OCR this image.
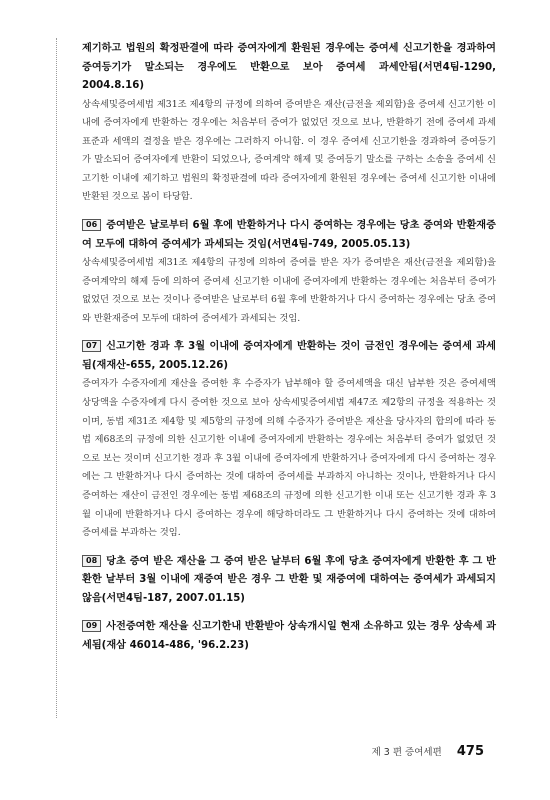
제기하고 법원의 확정판결에 따라 증여자에게 환원된 경우에는 증여세 신고기한을 경과하여 증여등기가 말소되는 경우에도 반환으로 보아 증여세 과세안됨(서면4팀-1290, 2004.8.16)
상속세및증여세법 제31조 제4항의 규정에 의하여 증여받은 재산(금전을 제외함)을 증여세 신고기한 이내에 증여자에게 반환하는 경우에는 처음부터 증여가 없었던 것으로 보나, 반환하기 전에 증여세 과세표준과 세액의 결정을 받은 경우에는 그러하지 아니함. 이 경우 증여세 신고기한을 경과하여 증여등기가 말소되어 증여자에게 반환이 되었으나, 증여계약 해제 및 증여등기 말소를 구하는 소송을 증여세 신고기한 이내에 제기하고 법원의 확정판결에 따라 증여자에게 환원된 경우에는 증여세 신고기한 이내에 반환된 것으로 봄이 타당함.
06 증여받은 날로부터 6월 후에 반환하거나 다시 증여하는 경우에는 당초 증여와 반환재증여 모두에 대하여 증여세가 과세되는 것임(서면4팀-749, 2005.05.13)
상속세및증여세법 제31조 제4항의 규정에 의하여 증여를 받은 자가 증여받은 재산(금전을 제외함)을 증여계약의 해제 등에 의하여 증여세 신고기한 이내에 증여자에게 반환하는 경우에는 처음부터 증여가 없었던 것으로 보는 것이나 증여받은 날로부터 6월 후에 반환하거나 다시 증여하는 경우에는 당초 증여와 반환재증여 모두에 대하여 증여세가 과세되는 것임.
07 신고기한 경과 후 3월 이내에 증여자에게 반환하는 것이 금전인 경우에는 증여세 과세됨(재재산-655, 2005.12.26)
증여자가 수증자에게 재산을 증여한 후 수증자가 납부해야 할 증여세액을 대신 납부한 것은 증여세액 상당액을 수증자에게 다시 증여한 것으로 보아 상속세및증여세법 제47조 제2항의 규정을 적용하는 것이며, 동법 제31조 제4항 및 제5항의 규정에 의해 수증자가 증여받은 재산을 당사자의 합의에 따라 동법 제68조의 규정에 의한 신고기한 이내에 증여자에게 반환하는 경우에는 처음부터 증여가 없었던 것으로 보는 것이며 신고기한 경과 후 3월 이내에 증여자에게 반환하거나 증여자에게 다시 증여하는 경우에는 그 반환하거나 다시 증여하는 것에 대하여 증여세를 부과하지 아니하는 것이나, 반환하거나 다시 증여하는 재산이 금전인 경우에는 동법 제68조의 규정에 의한 신고기한 이내 또는 신고기한 경과 후 3월 이내에 반환하거나 다시 증여하는 경우에 해당하더라도 그 반환하거나 다시 증여하는 것에 대하여 증여세를 부과하는 것임.
08 당초 증여 받은 재산을 그 증여 받은 날부터 6월 후에 당초 증여자에게 반환한 후 그 반환한 날부터 3월 이내에 재증여 받은 경우 그 반환 및 재증여에 대하여는 증여세가 과세되지 않음(서면4팀-187, 2007.01.15)
09 사전증여한 재산을 신고기한내 반환받아 상속개시일 현재 소유하고 있는 경우 상속세 과세됨(재삼 46014-486, '96.2.23)
제 3 편 증여세편 475
